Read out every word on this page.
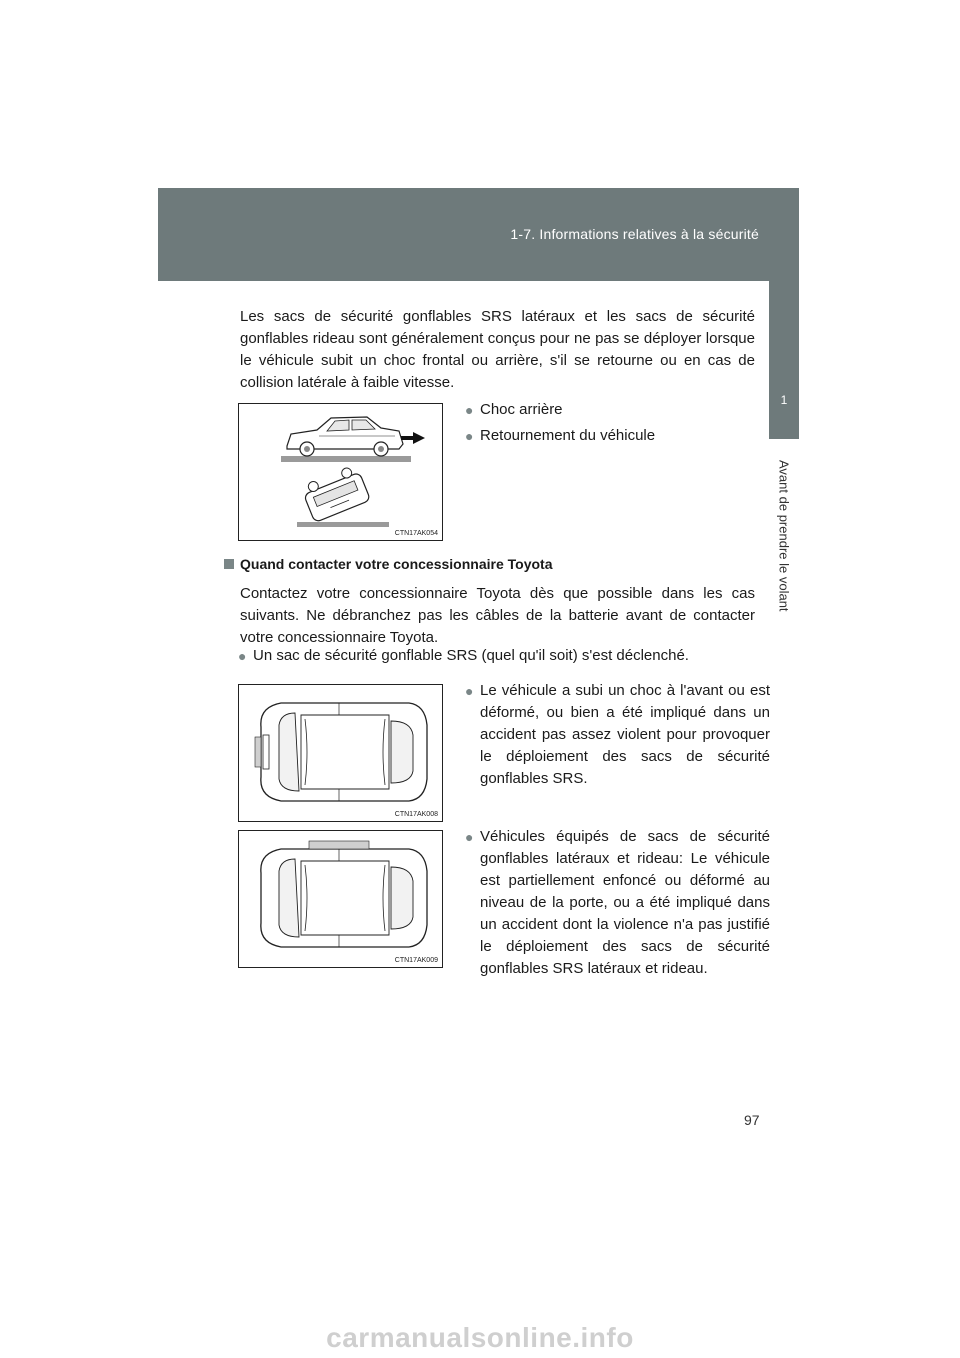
1-7. Informations relatives à la sécurité
1
Avant de prendre le volant
Les sacs de sécurité gonflables SRS latéraux et les sacs de sécurité gonflables rideau sont généralement conçus pour ne pas se déployer lorsque le véhicule subit un choc frontal ou arrière, s'il se retourne ou en cas de collision latérale à faible vitesse.
CTN17AK054
● Choc arrière
● Retournement du véhicule
Quand contacter votre concessionnaire Toyota
Contactez votre concessionnaire Toyota dès que possible dans les cas suivants. Ne débranchez pas les câbles de la batterie avant de contacter votre concessionnaire Toyota.
● Un sac de sécurité gonflable SRS (quel qu'il soit) s'est déclenché.
CTN17AK008
● Le véhicule a subi un choc à l'avant ou est déformé, ou bien a été impliqué dans un accident pas assez violent pour provoquer le déploiement des sacs de sécurité gonflables SRS.
CTN17AK009
● Véhicules équipés de sacs de sécurité gonflables latéraux et rideau: Le véhicule est partiellement enfoncé ou déformé au niveau de la porte, ou a été impliqué dans un accident dont la violence n'a pas justifié le déploiement des sacs de sécurité gonflables SRS latéraux et rideau.
97
carmanualsonline.info
